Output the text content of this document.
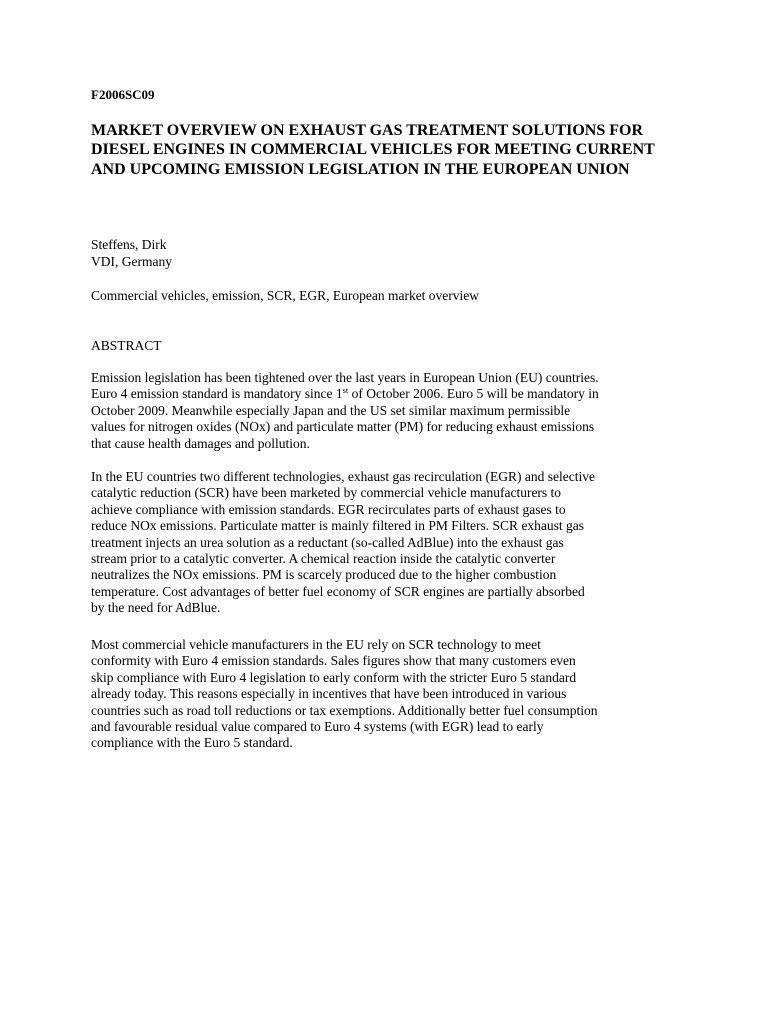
F2006SC09

MARKET OVERVIEW ON EXHAUST GAS TREATMENT SOLUTIONS FOR DIESEL ENGINES IN COMMERCIAL VEHICLES FOR MEETING CURRENT AND UPCOMING EMISSION LEGISLATION IN THE EUROPEAN UNION
Steffens, Dirk
VDI, Germany

Commercial vehicles, emission, SCR, EGR, European market overview

ABSTRACT
Emission legislation has been tightened over the last years in European Union (EU) countries.
Euro 4 emission standard is mandatory since 1st of October 2006. Euro 5 will be mandatory in
October 2009. Meanwhile especially Japan and the US set similar maximum permissible
values for nitrogen oxides (NOx) and particulate matter (PM) for reducing exhaust emissions
that cause health damages and pollution.
In the EU countries two different technologies, exhaust gas recirculation (EGR) and selective
catalytic reduction (SCR) have been marketed by commercial vehicle manufacturers to
achieve compliance with emission standards. EGR recirculates parts of exhaust gases to
reduce NOx emissions. Particulate matter is mainly filtered in PM Filters. SCR exhaust gas
treatment injects an urea solution as a reductant (so-called AdBlue) into the exhaust gas
stream prior to a catalytic converter. A chemical reaction inside the catalytic converter
neutralizes the NOx emissions. PM is scarcely produced due to the higher combustion
temperature. Cost advantages of better fuel economy of SCR engines are partially absorbed
by the need for AdBlue.
Most commercial vehicle manufacturers in the EU rely on SCR technology to meet
conformity with Euro 4 emission standards. Sales figures show that many customers even
skip compliance with Euro 4 legislation to early conform with the stricter Euro 5 standard
already today. This reasons especially in incentives that have been introduced in various
countries such as road toll reductions or tax exemptions. Additionally better fuel consumption
and favourable residual value compared to Euro 4 systems (with EGR) lead to early
compliance with the Euro 5 standard.
